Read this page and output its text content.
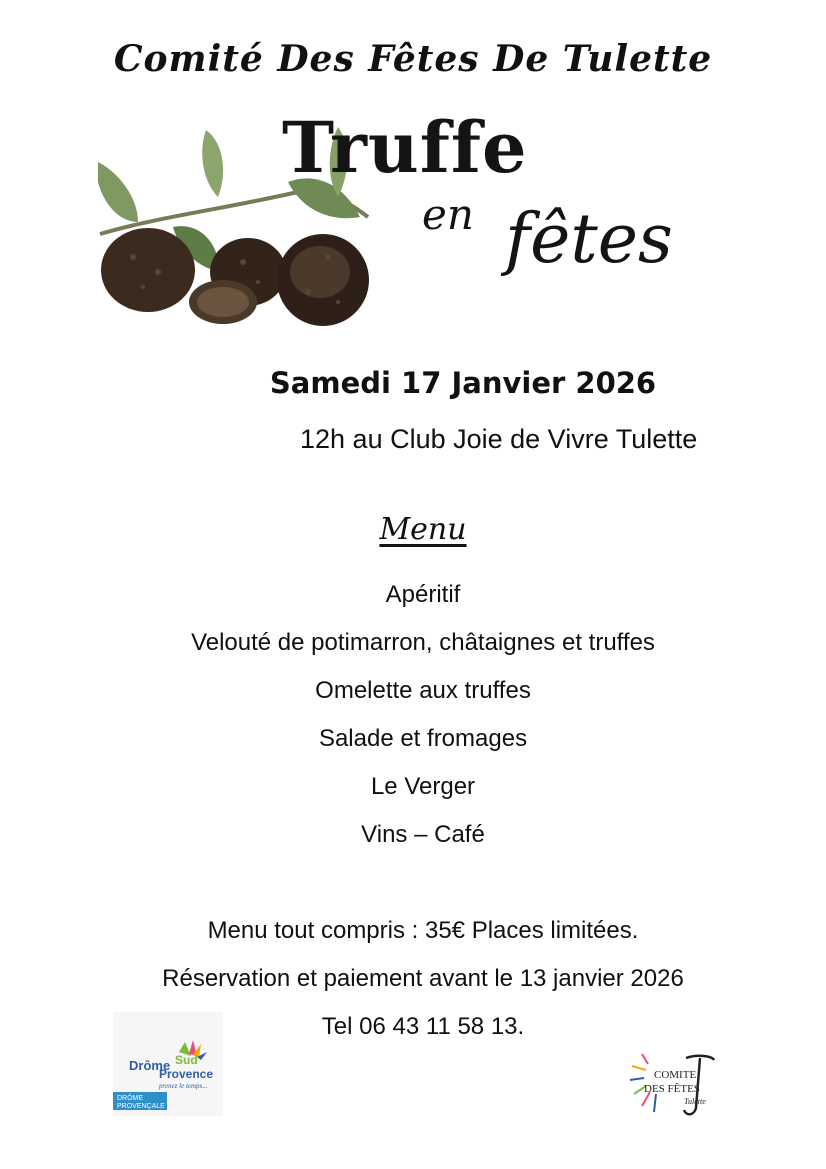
Comité Des Fêtes De Tulette
Truffe
en fêtes
Samedi 17 Janvier 2026
12h au Club Joie de Vivre Tulette
Menu
Apéritif
Velouté de potimarron, châtaignes et truffes
Omelette aux truffes
Salade et fromages
Le Verger
Vins – Café
Menu tout compris : 35€ Places limitées.
Réservation et paiement avant le 13 janvier 2026
Tel 06 43 11 58 13.
Drôme Sud
Provence
prenez le temps...
DRÔME
PROVENÇALE
COMITE
DES FÊTES
Tulette
